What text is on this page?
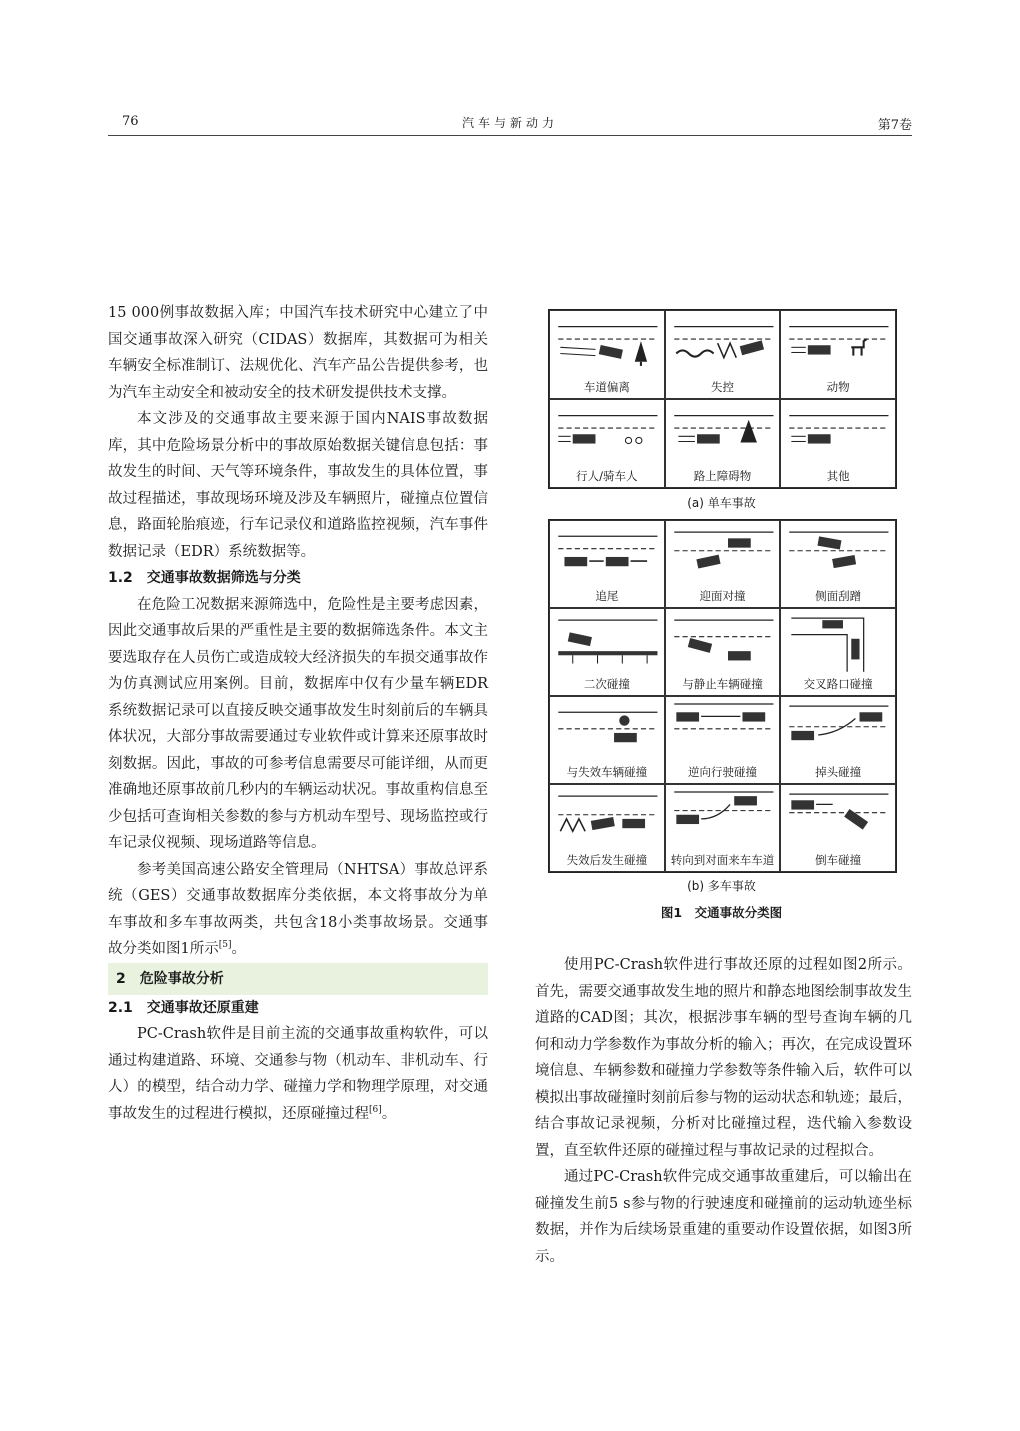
76	汽车与新动力	第7卷

15 000例事故数据入库；中国汽车技术研究中心建立了中国交通事故深入研究（CIDAS）数据库，其数据可为相关车辆安全标准制订、法规优化、汽车产品公告提供参考，也为汽车主动安全和被动安全的技术研发提供技术支撑。

本文涉及的交通事故主要来源于国内NAIS事故数据库，其中危险场景分析中的事故原始数据关键信息包括：事故发生的时间、天气等环境条件，事故发生的具体位置，事故过程描述，事故现场环境及涉及车辆照片，碰撞点位置信息，路面轮胎痕迹，行车记录仪和道路监控视频，汽车事件数据记录（EDR）系统数据等。

1.2　交通事故数据筛选与分类

在危险工况数据来源筛选中，危险性是主要考虑因素，因此交通事故后果的严重性是主要的数据筛选条件。本文主要选取存在人员伤亡或造成较大经济损失的车损交通事故作为仿真测试应用案例。目前，数据库中仅有少量车辆EDR系统数据记录可以直接反映交通事故发生时刻前后的车辆具体状况，大部分事故需要通过专业软件或计算来还原事故时刻数据。因此，事故的可参考信息需要尽可能详细，从而更准确地还原事故前几秒内的车辆运动状况。事故重构信息至少包括可查询相关参数的参与方机动车型号、现场监控或行车记录仪视频、现场道路等信息。

参考美国高速公路安全管理局（NHTSA）事故总评系统（GES）交通事故数据库分类依据，本文将事故分为单车事故和多车事故两类，共包含18小类事故场景。交通事故分类如图1所示[5]。

2　危险事故分析

2.1　交通事故还原重建

PC-Crash软件是目前主流的交通事故重构软件，可以通过构建道路、环境、交通参与物（机动车、非机动车、行人）的模型，结合动力学、碰撞力学和物理学原理，对交通事故发生的过程进行模拟，还原碰撞过程[6]。

车道偏离	失控	动物
行人/骑车人	路上障碍物	其他
(a) 单车事故
追尾	迎面对撞	侧面刮蹭
二次碰撞	与静止车辆碰撞	交叉路口碰撞
与失效车辆碰撞	逆向行驶碰撞	掉头碰撞
失效后发生碰撞	转向到对面来车车道	倒车碰撞
(b) 多车事故
图1　交通事故分类图

使用PC-Crash软件进行事故还原的过程如图2所示。首先，需要交通事故发生地的照片和静态地图绘制事故发生道路的CAD图；其次，根据涉事车辆的型号查询车辆的几何和动力学参数作为事故分析的输入；再次，在完成设置环境信息、车辆参数和碰撞力学参数等条件输入后，软件可以模拟出事故碰撞时刻前后参与物的运动状态和轨迹；最后，结合事故记录视频，分析对比碰撞过程，迭代输入参数设置，直至软件还原的碰撞过程与事故记录的过程拟合。

通过PC-Crash软件完成交通事故重建后，可以输出在碰撞发生前5 s参与物的行驶速度和碰撞前的运动轨迹坐标数据，并作为后续场景重建的重要动作设置依据，如图3所示。
